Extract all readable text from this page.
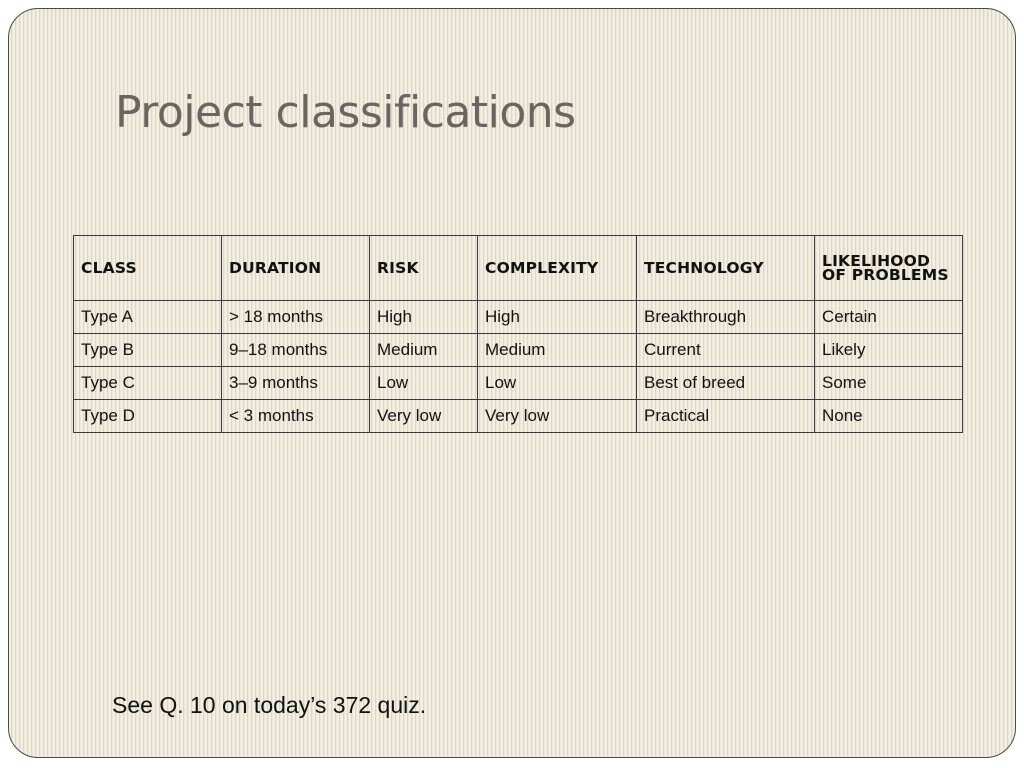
Project classifications
CLASS	DURATION	RISK	COMPLEXITY	TECHNOLOGY	LIKELIHOOD OF PROBLEMS
Type A	> 18 months	High	High	Breakthrough	Certain
Type B	9–18 months	Medium	Medium	Current	Likely
Type C	3–9 months	Low	Low	Best of breed	Some
Type D	< 3 months	Very low	Very low	Practical	None
See Q. 10 on today’s 372 quiz.
